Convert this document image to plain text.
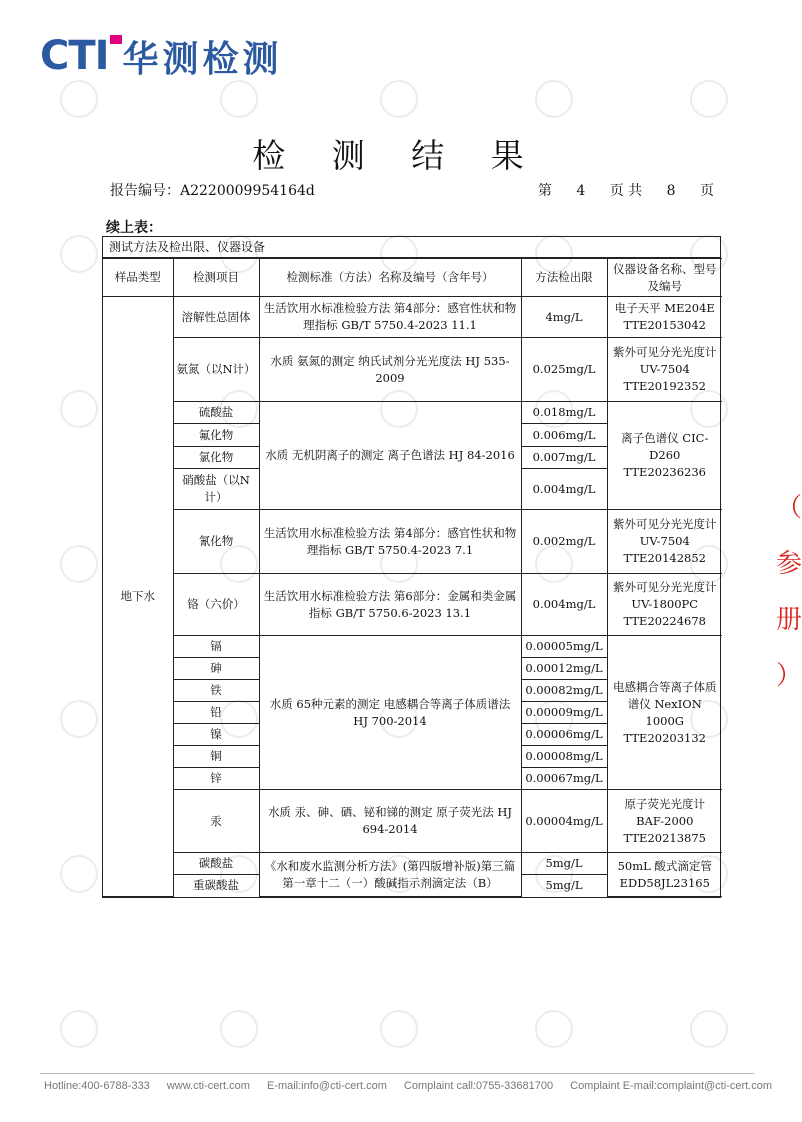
CTI 华测检测
检 测 结 果
报告编号：A2220009954164d	第 4 页 共 8 页
续上表：
测试方法及检出限、仪器设备
样品类型	检测项目	检测标准（方法）名称及编号（含年号）	方法检出限	仪器设备名称、型号及编号
地下水	溶解性总固体	生活饮用水标准检验方法 第4部分：感官性状和物理指标 GB/T 5750.4-2023 11.1	4mg/L	电子天平 ME204E TTE20153042
	氨氮（以N计）	水质 氨氮的测定 纳氏试剂分光光度法 HJ 535-2009	0.025mg/L	紫外可见分光光度计 UV-7504 TTE20192352
	硫酸盐	水质 无机阴离子的测定 离子色谱法 HJ 84-2016	0.018mg/L	离子色谱仪 CIC-D260 TTE20236236
	氟化物		0.006mg/L	
	氯化物		0.007mg/L	
	硝酸盐（以N计）		0.004mg/L	
	氰化物	生活饮用水标准检验方法 第4部分：感官性状和物理指标 GB/T 5750.4-2023 7.1	0.002mg/L	紫外可见分光光度计 UV-7504 TTE20142852
	铬（六价）	生活饮用水标准检验方法 第6部分：金属和类金属指标 GB/T 5750.6-2023 13.1	0.004mg/L	紫外可见分光光度计 UV-1800PC TTE20224678
	镉	水质 65种元素的测定 电感耦合等离子体质谱法 HJ 700-2014	0.00005mg/L	电感耦合等离子体质谱仪 NexION 1000G TTE20203132
	砷		0.00012mg/L	
	铁		0.00082mg/L	
	铅		0.00009mg/L	
	镍		0.00006mg/L	
	铜		0.00008mg/L	
	锌		0.00067mg/L	
	汞	水质 汞、砷、硒、铋和锑的测定 原子荧光法 HJ 694-2014	0.00004mg/L	原子荧光光度计 BAF-2000 TTE20213875
	碳酸盐	《水和废水监测分析方法》(第四版增补版)第三篇第一章十二（一）酸碱指示剂滴定法（B）	5mg/L	50mL 酸式滴定管 EDD58JL23165
	重碳酸盐		5mg/L	
（
参
册
）
Hotline:400-6788-333 www.cti-cert.com E-mail:info@cti-cert.com Complaint call:0755-33681700 Complaint E-mail:complaint@cti-cert.com
